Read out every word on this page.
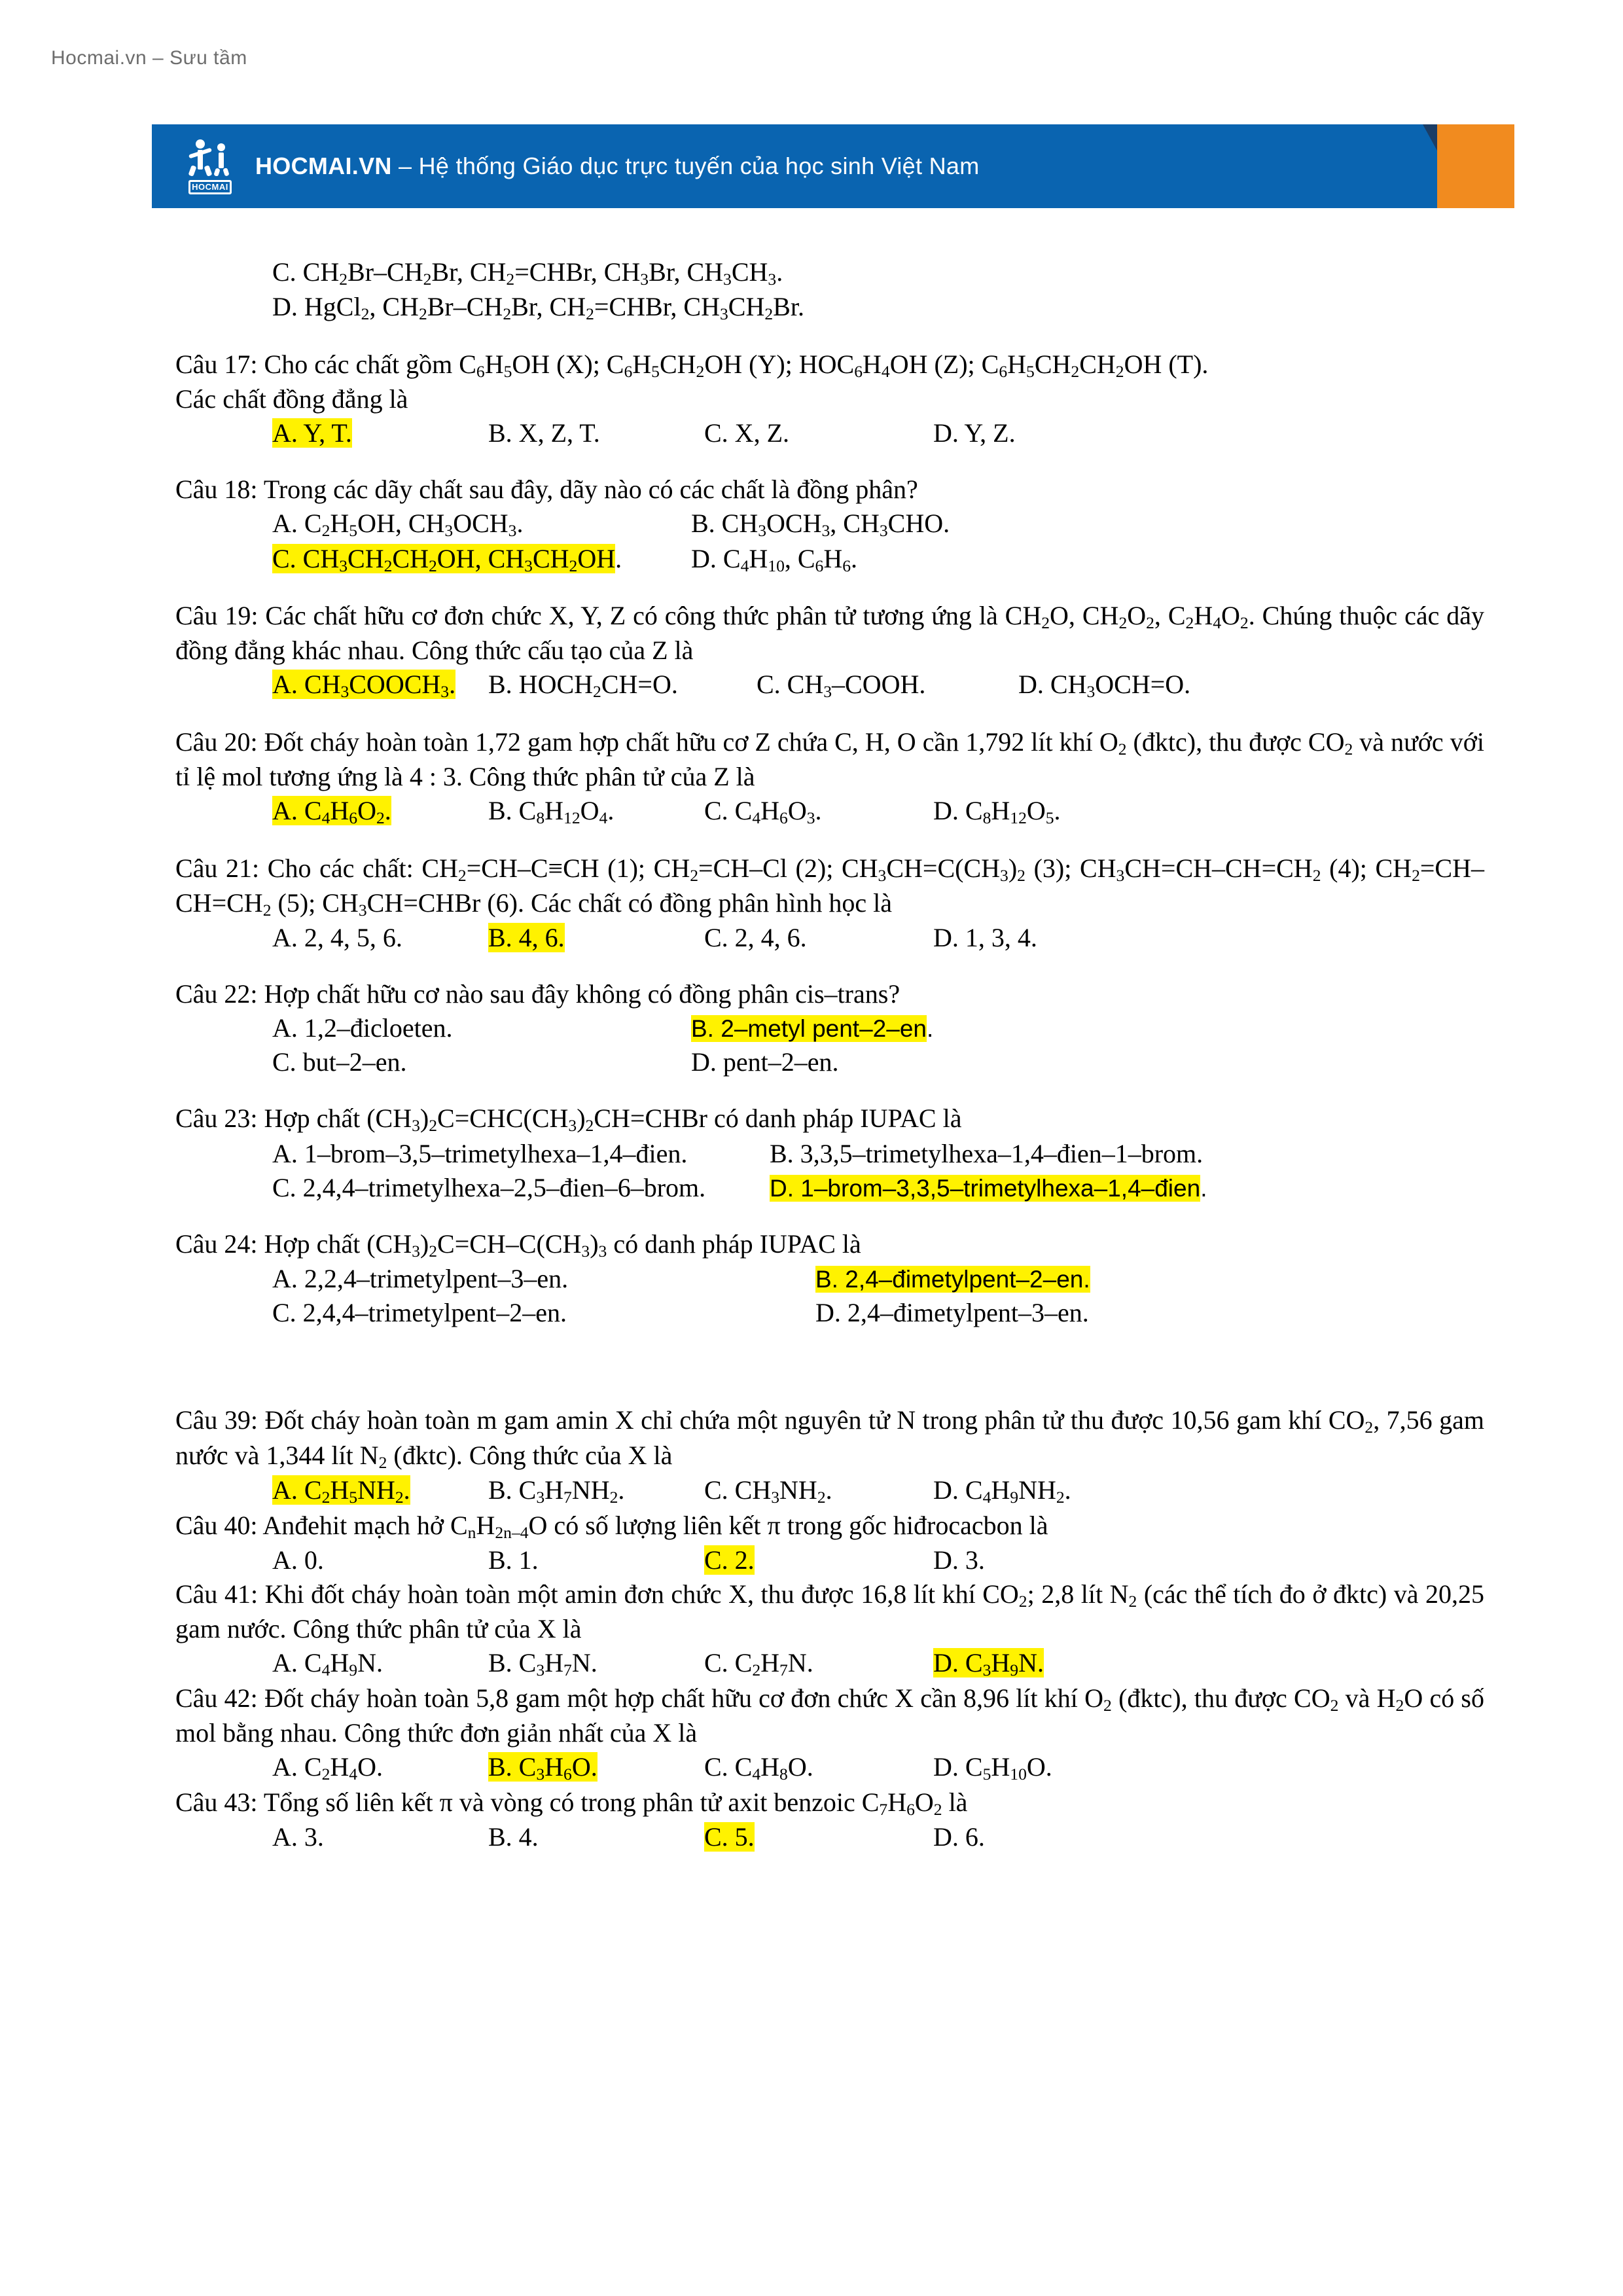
Hocmai.vn – Sưu tầm
HOCMAI
HOCMAI.VN – Hệ thống Giáo dục trực tuyến của học sinh Việt Nam
C. $CH_2Br-CH_2Br$, $CH_2=CHBr$, $CH_3Br$, $CH_3CH_3$.
D. HgCl$_2$, $CH_2Br-CH_2Br$, $CH_2=CHBr$, $CH_3CH_2Br$.
Câu 17: Cho các chất gồm $C_6H_5OH$ (X); $C_6H_5CH_2OH$ (Y); $HOC_6H_4OH$ (Z); $C_6H_5CH_2CH_2OH$ (T).
Các chất đồng đẳng là
A. Y, T.	B. X, Z, T.	C. X, Z.	D. Y, Z.
Câu 18: Trong các dãy chất sau đây, dãy nào có các chất là đồng phân?
A. $C_2H_5OH$, $CH_3OCH_3$.	B. $CH_3OCH_3$, $CH_3CHO$.
C. $CH_3CH_2CH_2OH$, $CH_3CH_2OH$.	D. $C_4H_{10}$, $C_6H_6$.
Câu 19: Các chất hữu cơ đơn chức X, Y, Z có công thức phân tử tương ứng là $CH_2O$, $CH_2O_2$, $C_2H_4O_2$. Chúng thuộc các dãy đồng đẳng khác nhau. Công thức cấu tạo của Z là
A. $CH_3COOCH_3$. B. $HOCH_2CH=O$.	C. $CH_3$–COOH.	D. $CH_3OCH=O$.
Câu 20: Đốt cháy hoàn toàn 1,72 gam hợp chất hữu cơ Z chứa C, H, O cần 1,792 lít khí $O_2$ (đktc), thu được $CO_2$ và nước với tỉ lệ mol tương ứng là 4 : 3. Công thức phân tử của Z là
A. $C_4H_6O_2$.	B. $C_8H_{12}O_4$.	C. $C_4H_6O_3$.	D. $C_8H_{12}O_5$.
Câu 21: Cho các chất: $CH_2=CH-C\equiv CH$ (1); $CH_2=CH-Cl$ (2); $CH_3CH=C(CH_3)_2$ (3); $CH_3CH=CH-CH=CH_2$ (4); $CH_2=CH-CH=CH_2$ (5); $CH_3CH=CHBr$ (6). Các chất có đồng phân hình học là
A. 2, 4, 5, 6.	B. 4, 6.	C. 2, 4, 6.	D. 1, 3, 4.
Câu 22: Hợp chất hữu cơ nào sau đây không có đồng phân cis–trans?
A. 1,2–đicloeten.	B. 2–metyl pent–2–en.
C. but–2–en.	D. pent–2–en.
Câu 23: Hợp chất $(CH_3)_2C=CHC(CH_3)_2CH=CHBr$ có danh pháp IUPAC là
A. 1–brom–3,5–trimetylhexa–1,4–đien.	B. 3,3,5–trimetylhexa–1,4–đien–1–brom.
C. 2,4,4–trimetylhexa–2,5–đien–6–brom.	D. 1–brom–3,3,5–trimetylhexa–1,4–đien.
Câu 24: Hợp chất $(CH_3)_2C=CH-C(CH_3)_3$ có danh pháp IUPAC là
A. 2,2,4–trimetylpent–3–en.	B. 2,4–đimetylpent–2–en.
C. 2,4,4–trimetylpent–2–en.	D. 2,4–đimetylpent–3–en.
Câu 39: Đốt cháy hoàn toàn m gam amin X chỉ chứa một nguyên tử N trong phân tử thu được 10,56 gam khí $CO_2$, 7,56 gam nước và 1,344 lít $N_2$ (đktc). Công thức của X là
A. $C_2H_5NH_2$.	B. $C_3H_7NH_2$.	C. $CH_3NH_2$.	D. $C_4H_9NH_2$.
Câu 40: Anđehit mạch hở $C_nH_{2n-4}O$ có số lượng liên kết π trong gốc hiđrocacbon là
A. 0.	B. 1.	C. 2.	D. 3.
Câu 41: Khi đốt cháy hoàn toàn một amin đơn chức X, thu được 16,8 lít khí $CO_2$; 2,8 lít $N_2$ (các thể tích đo ở đktc) và 20,25 gam nước. Công thức phân tử của X là
A. $C_4H_9N$.	B. $C_3H_7N$.	C. $C_2H_7N$.	D. $C_3H_9N$.
Câu 42: Đốt cháy hoàn toàn 5,8 gam một hợp chất hữu cơ đơn chức X cần 8,96 lít khí $O_2$ (đktc), thu được $CO_2$ và $H_2O$ có số mol bằng nhau. Công thức đơn giản nhất của X là
A. $C_2H_4O$.	B. $C_3H_6O$.	C. $C_4H_8O$.	D. $C_5H_{10}O$.
Câu 43: Tổng số liên kết π và vòng có trong phân tử axit benzoic $C_7H_6O_2$ là
A. 3.	B. 4.	C. 5.	D. 6.
